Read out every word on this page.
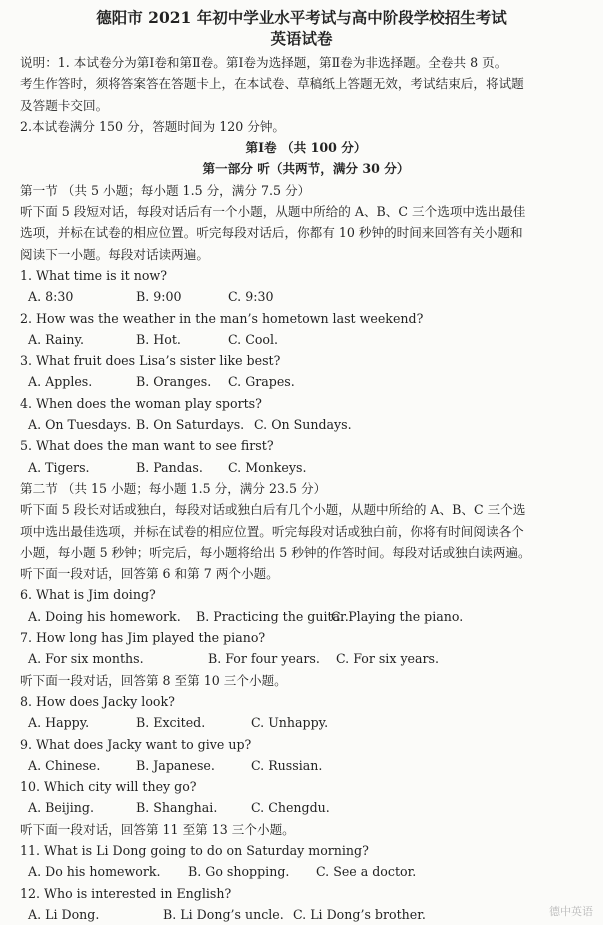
德阳市 2021 年初中学业水平考试与高中阶段学校招生考试
英语试卷
说明：1. 本试卷分为第Ⅰ卷和第Ⅱ卷。第Ⅰ卷为选择题，第Ⅱ卷为非选择题。全卷共 8 页。
考生作答时，须将答案答在答题卡上，在本试卷、草稿纸上答题无效，考试结束后，将试题
及答题卡交回。
2.本试卷满分 150 分，答题时间为 120 分钟。
第Ⅰ卷 （共 100 分）
第一部分 听（共两节，满分 30 分）
第一节 （共 5 小题；每小题 1.5 分，满分 7.5 分）
听下面 5 段短对话，每段对话后有一个小题，从题中所给的 A、B、C 三个选项中选出最佳
选项，并标在试卷的相应位置。听完每段对话后，你都有 10 秒钟的时间来回答有关小题和
阅读下一小题。每段对话读两遍。
1. What time is it now?
A. 8:30	B. 9:00	C. 9:30
2. How was the weather in the man’s hometown last weekend?
A. Rainy.	B. Hot.	C. Cool.
3. What fruit does Lisa’s sister like best?
A. Apples.	B. Oranges.	C. Grapes.
4. When does the woman play sports?
A. On Tuesdays. B. On Saturdays. C. On Sundays.
5. What does the man want to see first?
A. Tigers.	B. Pandas.	C. Monkeys.
第二节 （共 15 小题；每小题 1.5 分，满分 23.5 分）
听下面 5 段长对话或独白，每段对话或独白后有几个小题，从题中所给的 A、B、C 三个选
项中选出最佳选项，并标在试卷的相应位置。听完每段对话或独白前，你将有时间阅读各个
小题，每小题 5 秒钟；听完后，每小题将给出 5 秒钟的作答时间。每段对话或独白读两遍。
听下面一段对话，回答第 6 和第 7 两个小题。
6. What is Jim doing?
A. Doing his homework.	B. Practicing the guitar.
C. Playing the piano.
7. How long has Jim played the piano?
A. For six months.	B. For four years.	C. For six years.
听下面一段对话，回答第 8 至第 10 三个小题。
8. How does Jacky look?
A. Happy.	B. Excited.	C. Unhappy.
9. What does Jacky want to give up?
A. Chinese.	B. Japanese.	C. Russian.
10. Which city will they go?
A. Beijing.	B. Shanghai.	C. Chengdu.
听下面一段对话，回答第 11 至第 13 三个小题。
11. What is Li Dong going to do on Saturday morning?
A. Do his homework.	B. Go shopping.	C. See a doctor.
12. Who is interested in English?
A. Li Dong.	B. Li Dong’s uncle. C. Li Dong’s brother.	德中英语
